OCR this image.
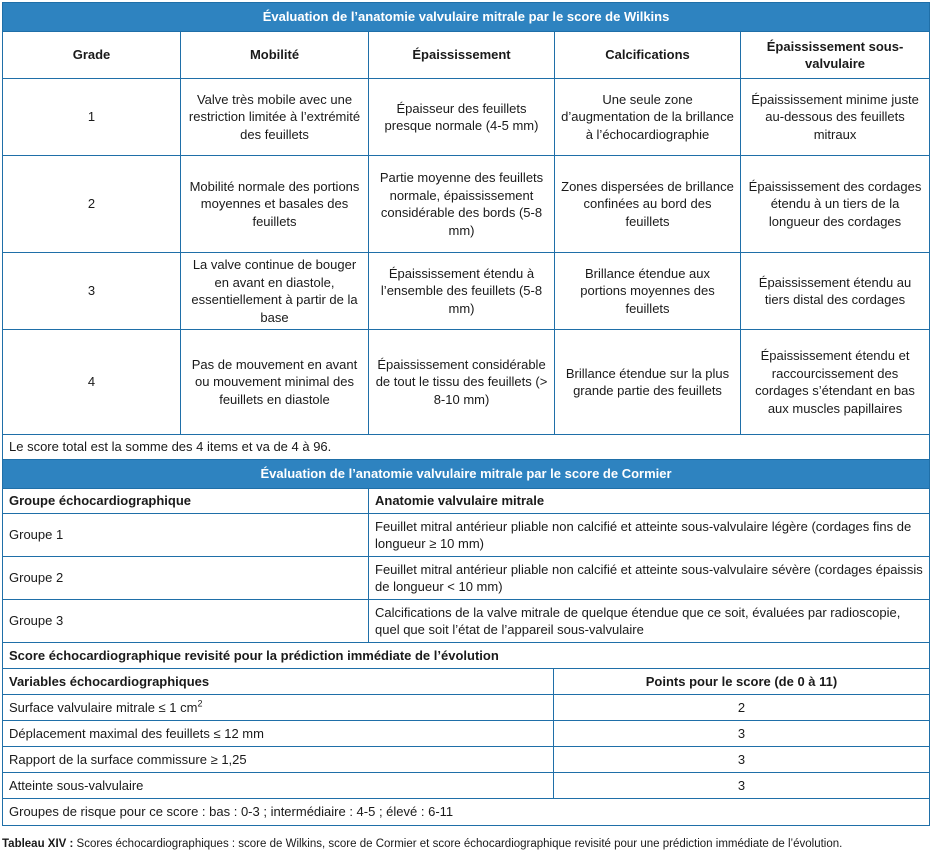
Évaluation de l’anatomie valvulaire mitrale par le score de Wilkins				
Grade	Mobilité	Épaississement	Calcifications	Épaississement sous-valvulaire
1	Valve très mobile avec une restriction limitée à l’extrémité des feuillets	Épaisseur des feuillets presque normale (4-5 mm)	Une seule zone d’augmentation de la brillance à l’échocardiographie	Épaississement minime juste au-dessous des feuillets mitraux
2	Mobilité normale des portions moyennes et basales des feuillets	Partie moyenne des feuillets normale, épaississement considérable des bords (5-8 mm)	Zones dispersées de brillance confinées au bord des feuillets	Épaississement des cordages étendu à un tiers de la longueur des cordages
3	La valve continue de bouger en avant en diastole, essentiellement à partir de la base	Épaississement étendu à l’ensemble des feuillets (5-8 mm)	Brillance étendue aux portions moyennes des feuillets	Épaississement étendu au tiers distal des cordages
4	Pas de mouvement en avant ou mouvement minimal des feuillets en diastole	Épaississement considérable de tout le tissu des feuillets (> 8-10 mm)	Brillance étendue sur la plus grande partie des feuillets	Épaississement étendu et raccourcissement des cordages s’étendant en bas aux muscles papillaires
Le score total est la somme des 4 items et va de 4 à 96.				
Évaluation de l’anatomie valvulaire mitrale par le score de Cormier	
Groupe échocardiographique	Anatomie valvulaire mitrale
Groupe 1	Feuillet mitral antérieur pliable non calcifié et atteinte sous-valvulaire légère (cordages fins de longueur ≥ 10 mm)
Groupe 2	Feuillet mitral antérieur pliable non calcifié et atteinte sous-valvulaire sévère (cordages épaissis de longueur < 10 mm)
Groupe 3	Calcifications de la valve mitrale de quelque étendue que ce soit, évaluées par radioscopie, quel que soit l’état de l’appareil sous-valvulaire
Score échocardiographique revisité pour la prédiction immédiate de l’évolution	
Variables échocardiographiques	Points pour le score (de 0 à 11)
Surface valvulaire mitrale ≤ 1 $cm^2$	2
Déplacement maximal des feuillets ≤ 12 mm	3
Rapport de la surface commissure ≥ 1,25	3
Atteinte sous-valvulaire	3
Groupes de risque pour ce score : bas : 0-3 ; intermédiaire : 4-5 ; élevé : 6-11	
Tableau XIV : Scores échocardiographiques : score de Wilkins, score de Cormier et score échocardiographique revisité pour une prédiction immédiate de l’évolution.
